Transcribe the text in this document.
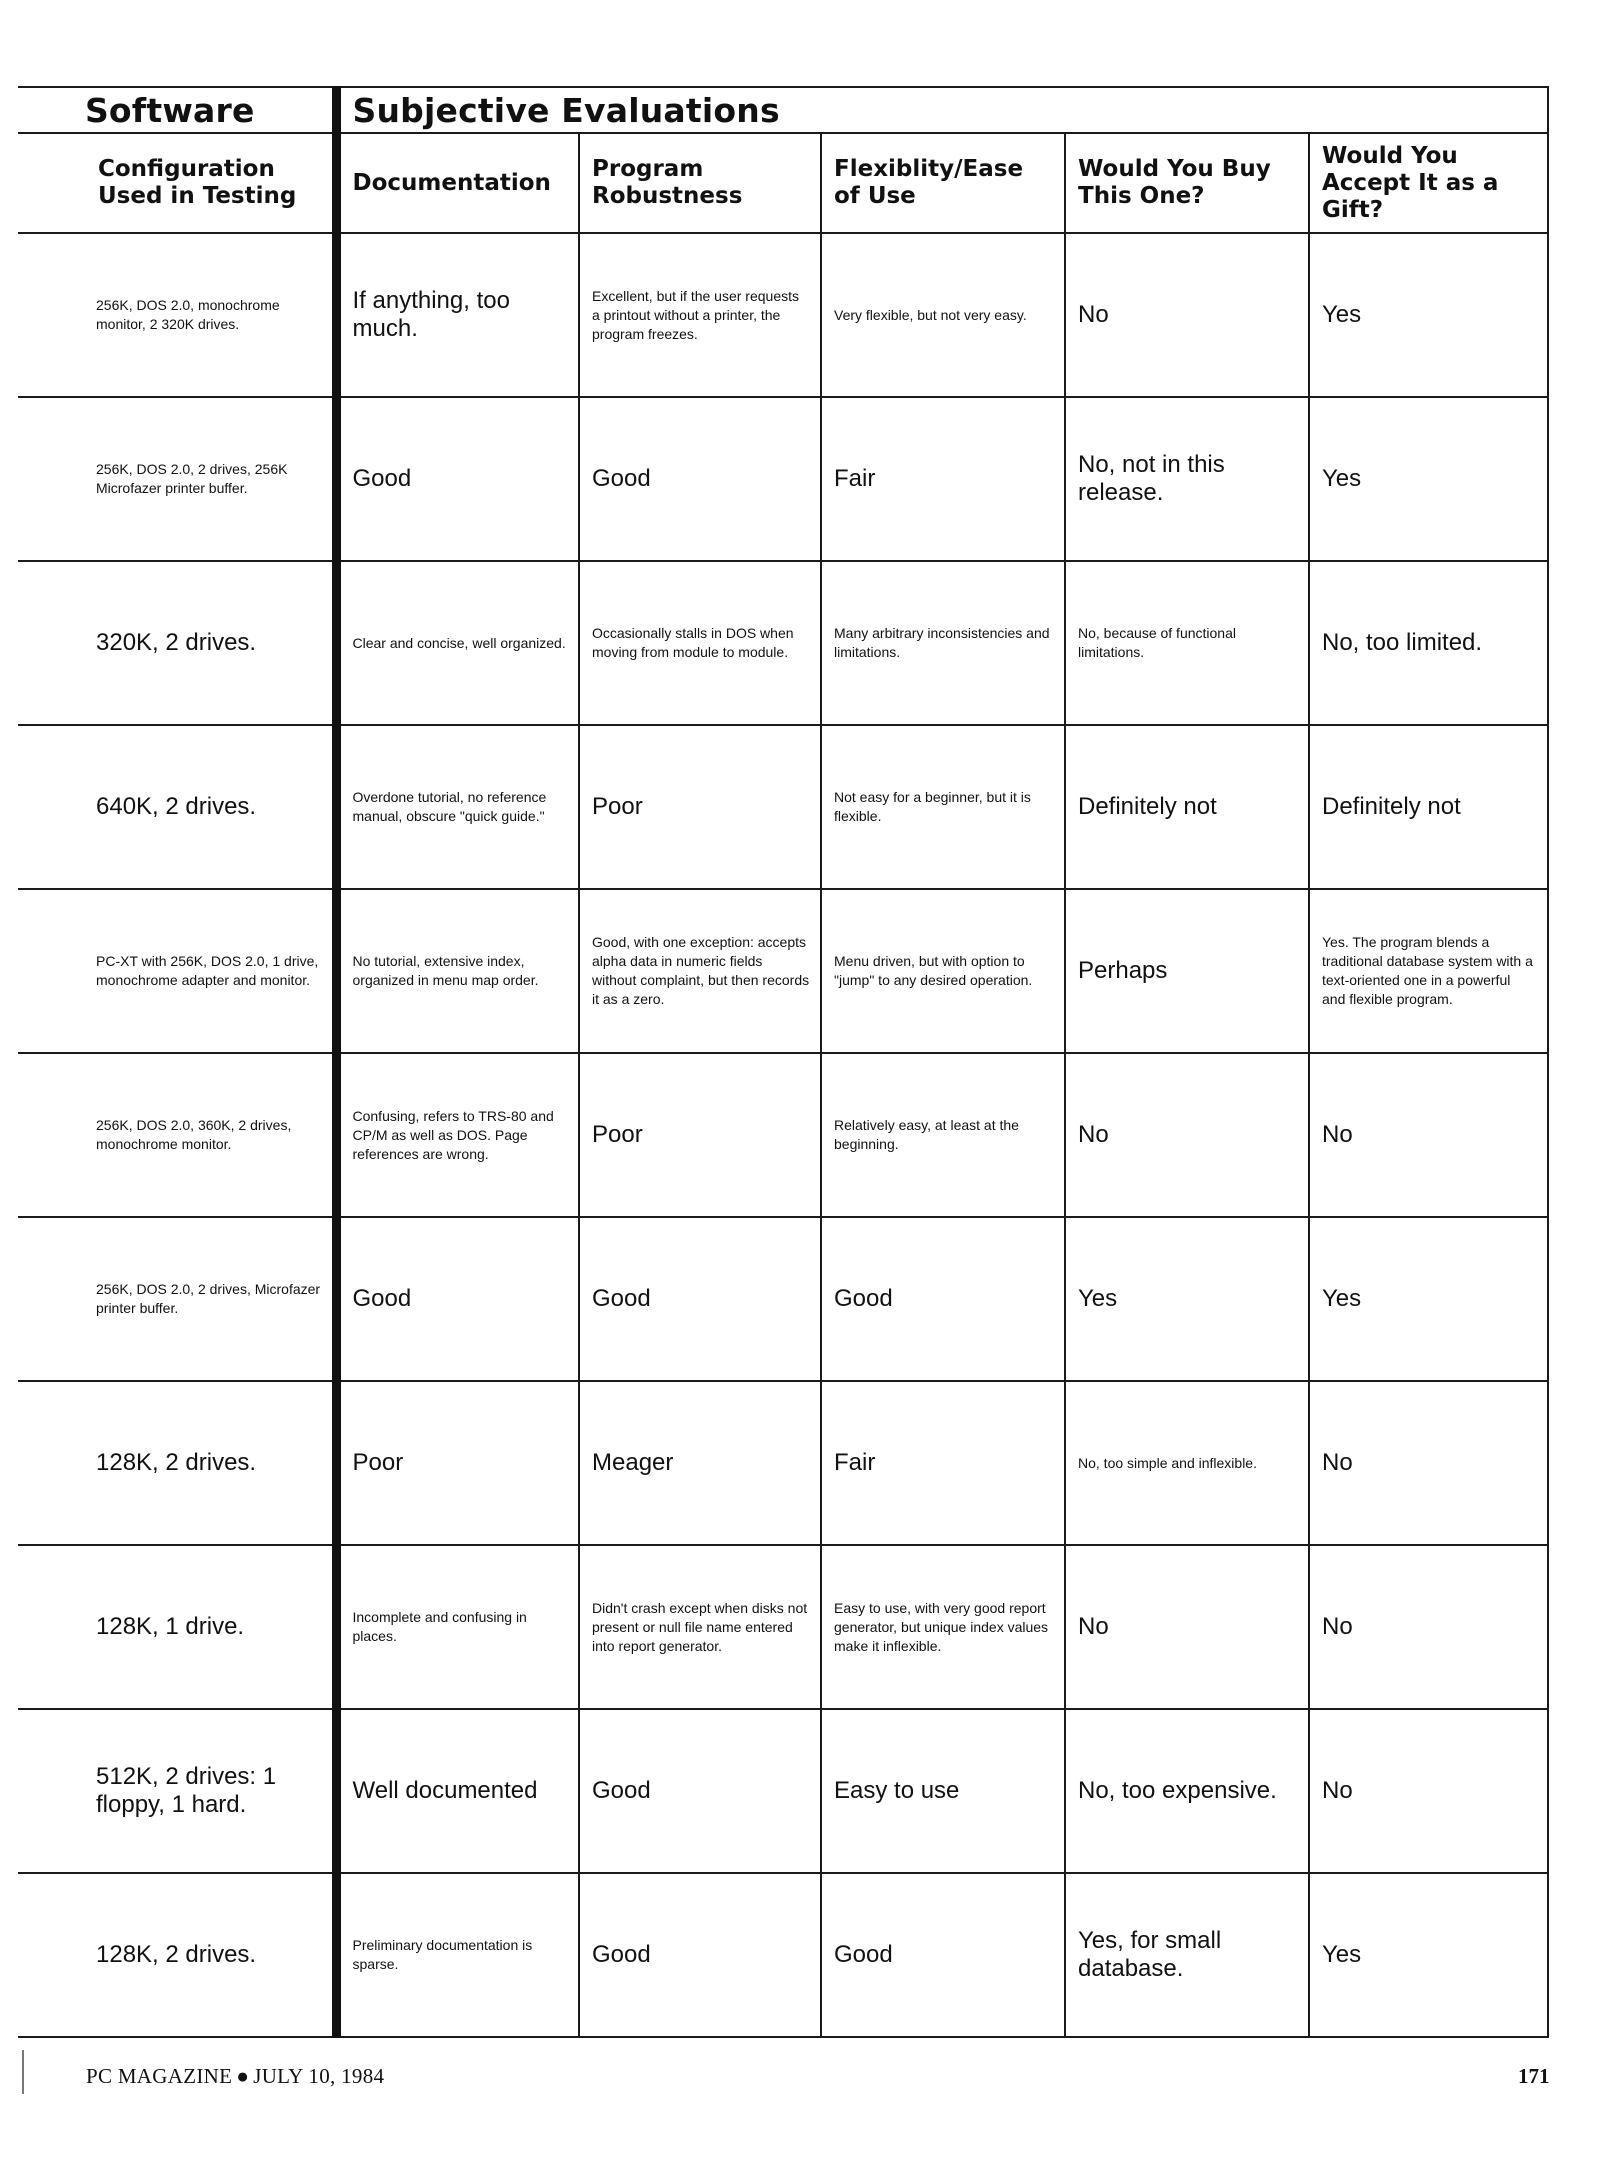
Software	Subjective Evaluations				
Configuration Used in Testing	Documentation	Program Robustness	Flexiblity/Ease of Use	Would You Buy This One?	Would You Accept It as a Gift?
256K, DOS 2.0, monochrome monitor, 2 320K drives.	If anything, too much.	Excellent, but if the user requests a printout without a printer, the program freezes.	Very flexible, but not very easy.	No	Yes
256K, DOS 2.0, 2 drives, 256K Microfazer printer buffer.	Good	Good	Fair	No, not in this release.	Yes
320K, 2 drives.	Clear and concise, well organized.	Occasionally stalls in DOS when moving from module to module.	Many arbitrary inconsistencies and limitations.	No, because of functional limitations.	No, too limited.
640K, 2 drives.	Overdone tutorial, no reference manual, obscure "quick guide."	Poor	Not easy for a beginner, but it is flexible.	Definitely not	Definitely not
PC-XT with 256K, DOS 2.0, 1 drive, monochrome adapter and monitor.	No tutorial, extensive index, organized in menu map order.	Good, with one exception: accepts alpha data in numeric fields without complaint, but then records it as a zero.	Menu driven, but with option to "jump" to any desired operation.	Perhaps	Yes. The program blends a traditional database system with a text-oriented one in a powerful and flexible program.
256K, DOS 2.0, 360K, 2 drives, monochrome monitor.	Confusing, refers to TRS-80 and CP/M as well as DOS. Page references are wrong.	Poor	Relatively easy, at least at the beginning.	No	No
256K, DOS 2.0, 2 drives, Microfazer printer buffer.	Good	Good	Good	Yes	Yes
128K, 2 drives.	Poor	Meager	Fair	No, too simple and inflexible.	No
128K, 1 drive.	Incomplete and confusing in places.	Didn't crash except when disks not present or null file name entered into report generator.	Easy to use, with very good report generator, but unique index values make it inflexible.	No	No
512K, 2 drives: 1 floppy, 1 hard.	Well documented	Good	Easy to use	No, too expensive.	No
128K, 2 drives.	Preliminary documentation is sparse.	Good	Good	Yes, for small database.	Yes
PC MAGAZINE ● JULY 10, 1984	171
